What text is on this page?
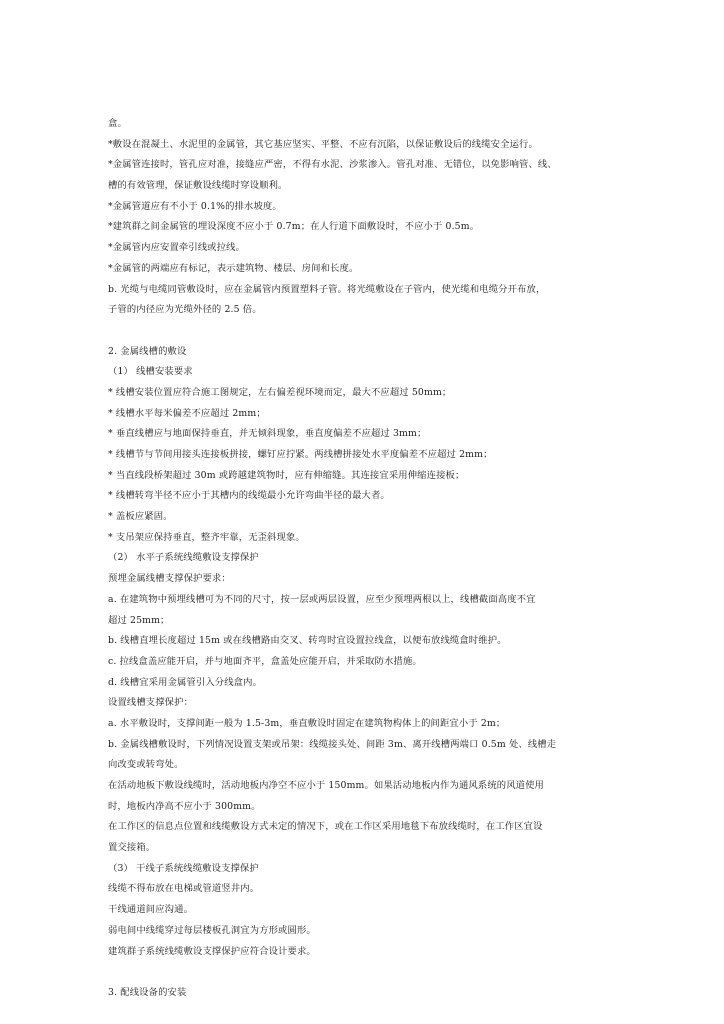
盒。
*敷设在混凝土、水泥里的金属管，其它基应坚实、平整、不应有沉陷，以保证敷设后的线缆安全运行。
*金属管连接时，管孔应对准，接缝应严密，不得有水泥、沙浆渗入。管孔对准、无错位，以免影响管、线、
槽的有效管理，保证敷设线缆时穿设顺利。
*金属管道应有不小于 0.1%的排水坡度。
*建筑群之间金属管的埋设深度不应小于 0.7m；在人行道下面敷设时，不应小于 0.5m。
*金属管内应安置牵引线或拉线。
*金属管的两端应有标记，表示建筑物、楼层、房间和长度。
b. 光缆与电缆同管敷设时，应在金属管内预置塑料子管。将光缆敷设在子管内，使光缆和电缆分开布放，
子管的内径应为光缆外径的 2.5 倍。
2. 金属线槽的敷设
（1） 线槽安装要求
* 线槽安装位置应符合施工图规定，左右偏差视环境而定，最大不应超过 50mm；
* 线槽水平每米偏差不应超过 2mm；
* 垂直线槽应与地面保持垂直，并无倾斜现象，垂直度偏差不应超过 3mm；
* 线槽节与节间用接头连接板拼接，螺钉应拧紧。两线槽拼接处水平度偏差不应超过 2mm；
* 当直线段桥架超过 30m 或跨越建筑物时，应有伸缩缝。其连接宜采用伸缩连接板；
* 线槽转弯半径不应小于其槽内的线缆最小允许弯曲半径的最大者。
* 盖板应紧固。
* 支吊架应保持垂直，整齐牢靠，无歪斜现象。
（2） 水平子系统线缆敷设支撑保护
预埋金属线槽支撑保护要求：
a. 在建筑物中预埋线槽可为不同的尺寸，按一层或两层设置，应至少预埋两根以上，线槽截面高度不宜
超过 25mm；
b. 线槽直埋长度超过 15m 或在线槽路由交叉、转弯时宜设置拉线盒，以便布放线缆盒时维护。
c. 拉线盒盖应能开启，并与地面齐平，盒盖处应能开启，并采取防水措施。
d. 线槽宜采用金属管引入分线盒内。
设置线槽支撑保护：
a. 水平敷设时，支撑间距一般为 1.5-3m，垂直敷设时固定在建筑物构体上的间距宜小于 2m；
b. 金属线槽敷设时，下列情况设置支架或吊架：线缆接头处、间距 3m、离开线槽两端口 0.5m 处、线槽走
向改变或转弯处。
在活动地板下敷设线缆时，活动地板内净空不应小于 150mm。如果活动地板内作为通风系统的风道使用
时，地板内净高不应小于 300mm。
在工作区的信息点位置和线缆敷设方式未定的情况下，或在工作区采用地毯下布放线缆时，在工作区宜设
置交接箱。
（3） 干线子系统线缆敷设支撑保护
线缆不得布放在电梯或管道竖井内。
干线通道间应沟通。
弱电间中线缆穿过每层楼板孔洞宜为方形或圆形。
建筑群子系统线缆敷设支撑保护应符合设计要求。
3. 配线设备的安装
